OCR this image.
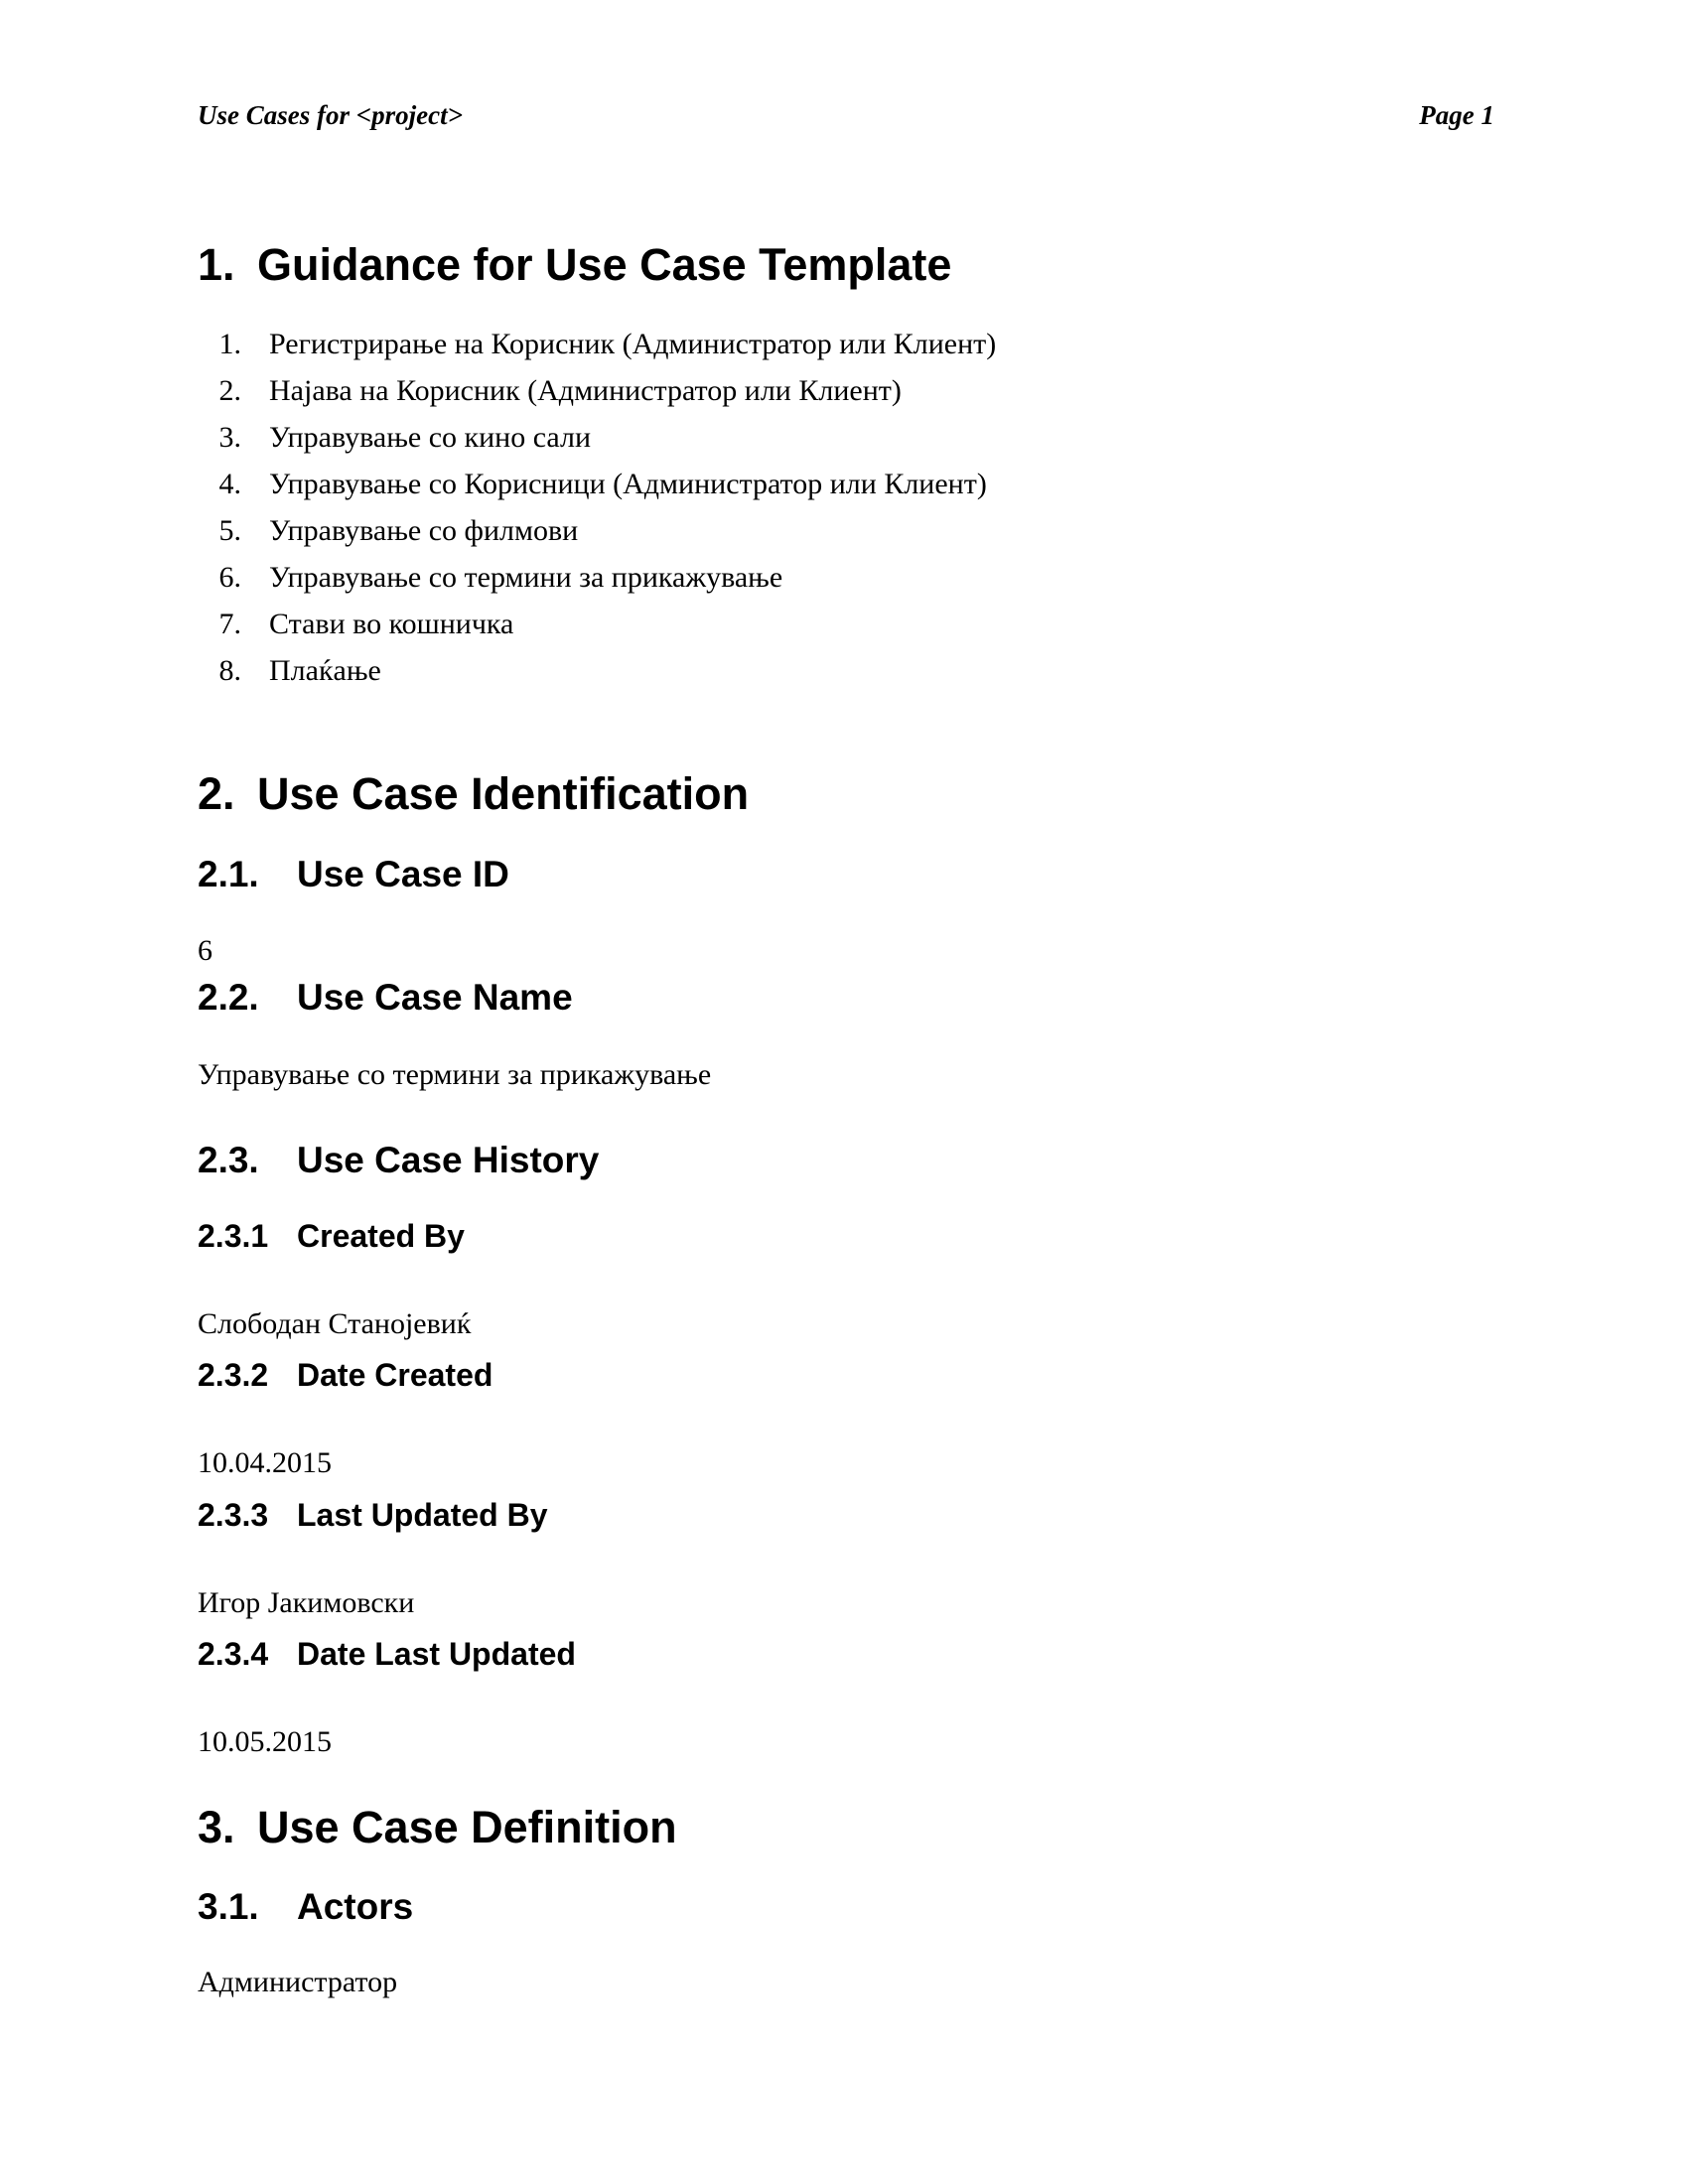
Use Cases for <project>	Page 1
1. Guidance for Use Case Template
1. Регистрирање на Корисник (Администратор или Клиент)
2. Најава на Корисник (Администратор или Клиент)
3. Управување со кино сали
4. Управување со Корисници (Администратор или Клиент)
5. Управување со филмови
6. Управување со термини за прикажување
7. Стави во кошничка
8. Плаќање
2. Use Case Identification
2.1. Use Case ID
6
2.2. Use Case Name
Управување со термини за прикажување
2.3. Use Case History
2.3.1 Created By
Слободан Станојевиќ
2.3.2 Date Created
10.04.2015
2.3.3 Last Updated By
Игор Јакимовски
2.3.4 Date Last Updated
10.05.2015
3. Use Case Definition
3.1. Actors
Администратор
